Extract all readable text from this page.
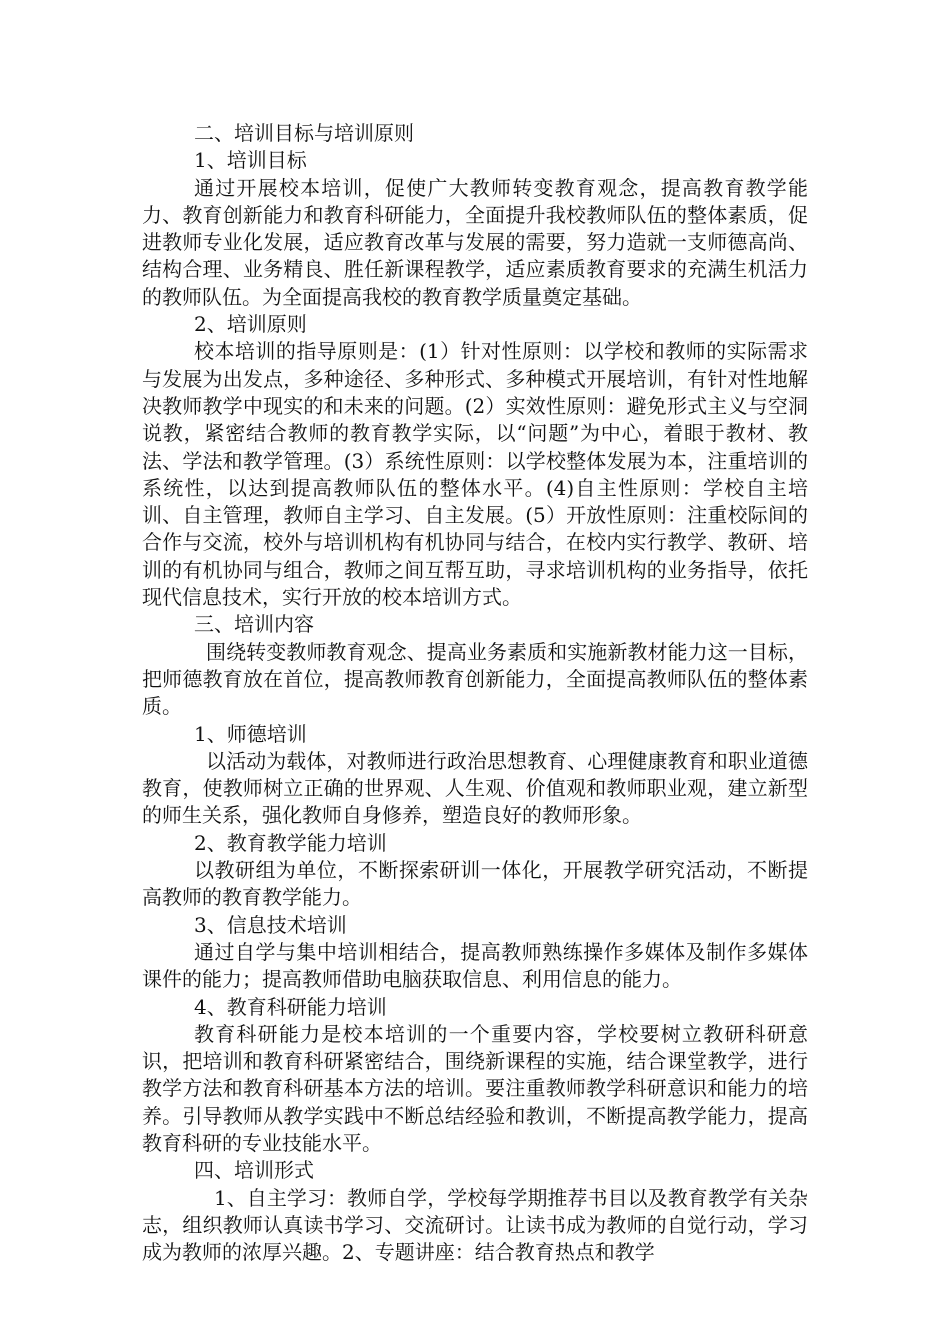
二、培训目标与培训原则

1、培训目标

通过开展校本培训，促使广大教师转变教育观念，提高教育教学能力、教育创新能力和教育科研能力，全面提升我校教师队伍的整体素质，促进教师专业化发展，适应教育改革与发展的需要，努力造就一支师德高尚、结构合理、业务精良、胜任新课程教学，适应素质教育要求的充满生机活力的教师队伍。为全面提高我校的教育教学质量奠定基础。

2、培训原则

校本培训的指导原则是：(1）针对性原则：以学校和教师的实际需求与发展为出发点，多种途径、多种形式、多种模式开展培训，有针对性地解决教师教学中现实的和未来的问题。(2）实效性原则：避免形式主义与空洞说教，紧密结合教师的教育教学实际，以“问题”为中心，着眼于教材、教法、学法和教学管理。(3）系统性原则：以学校整体发展为本，注重培训的系统性，以达到提高教师队伍的整体水平。(4)自主性原则：学校自主培训、自主管理，教师自主学习、自主发展。(5）开放性原则：注重校际间的合作与交流，校外与培训机构有机协同与结合，在校内实行教学、教研、培训的有机协同与组合，教师之间互帮互助，寻求培训机构的业务指导，依托现代信息技术，实行开放的校本培训方式。

三、培训内容

围绕转变教师教育观念、提高业务素质和实施新教材能力这一目标，把师德教育放在首位，提高教师教育创新能力，全面提高教师队伍的整体素质。

1、师德培训

以活动为载体，对教师进行政治思想教育、心理健康教育和职业道德教育，使教师树立正确的世界观、人生观、价值观和教师职业观，建立新型的师生关系，强化教师自身修养，塑造良好的教师形象。

2、教育教学能力培训

以教研组为单位，不断探索研训一体化，开展教学研究活动，不断提高教师的教育教学能力。

3、信息技术培训

通过自学与集中培训相结合，提高教师熟练操作多媒体及制作多媒体课件的能力；提高教师借助电脑获取信息、利用信息的能力。

4、教育科研能力培训

教育科研能力是校本培训的一个重要内容，学校要树立教研科研意识，把培训和教育科研紧密结合，围绕新课程的实施，结合课堂教学，进行教学方法和教育科研基本方法的培训。要注重教师教学科研意识和能力的培养。引导教师从教学实践中不断总结经验和教训，不断提高教学能力，提高教育科研的专业技能水平。

四、培训形式

1、自主学习：教师自学，学校每学期推荐书目以及教育教学有关杂志，组织教师认真读书学习、交流研讨。让读书成为教师的自觉行动，学习成为教师的浓厚兴趣。2、专题讲座：结合教育热点和教学
